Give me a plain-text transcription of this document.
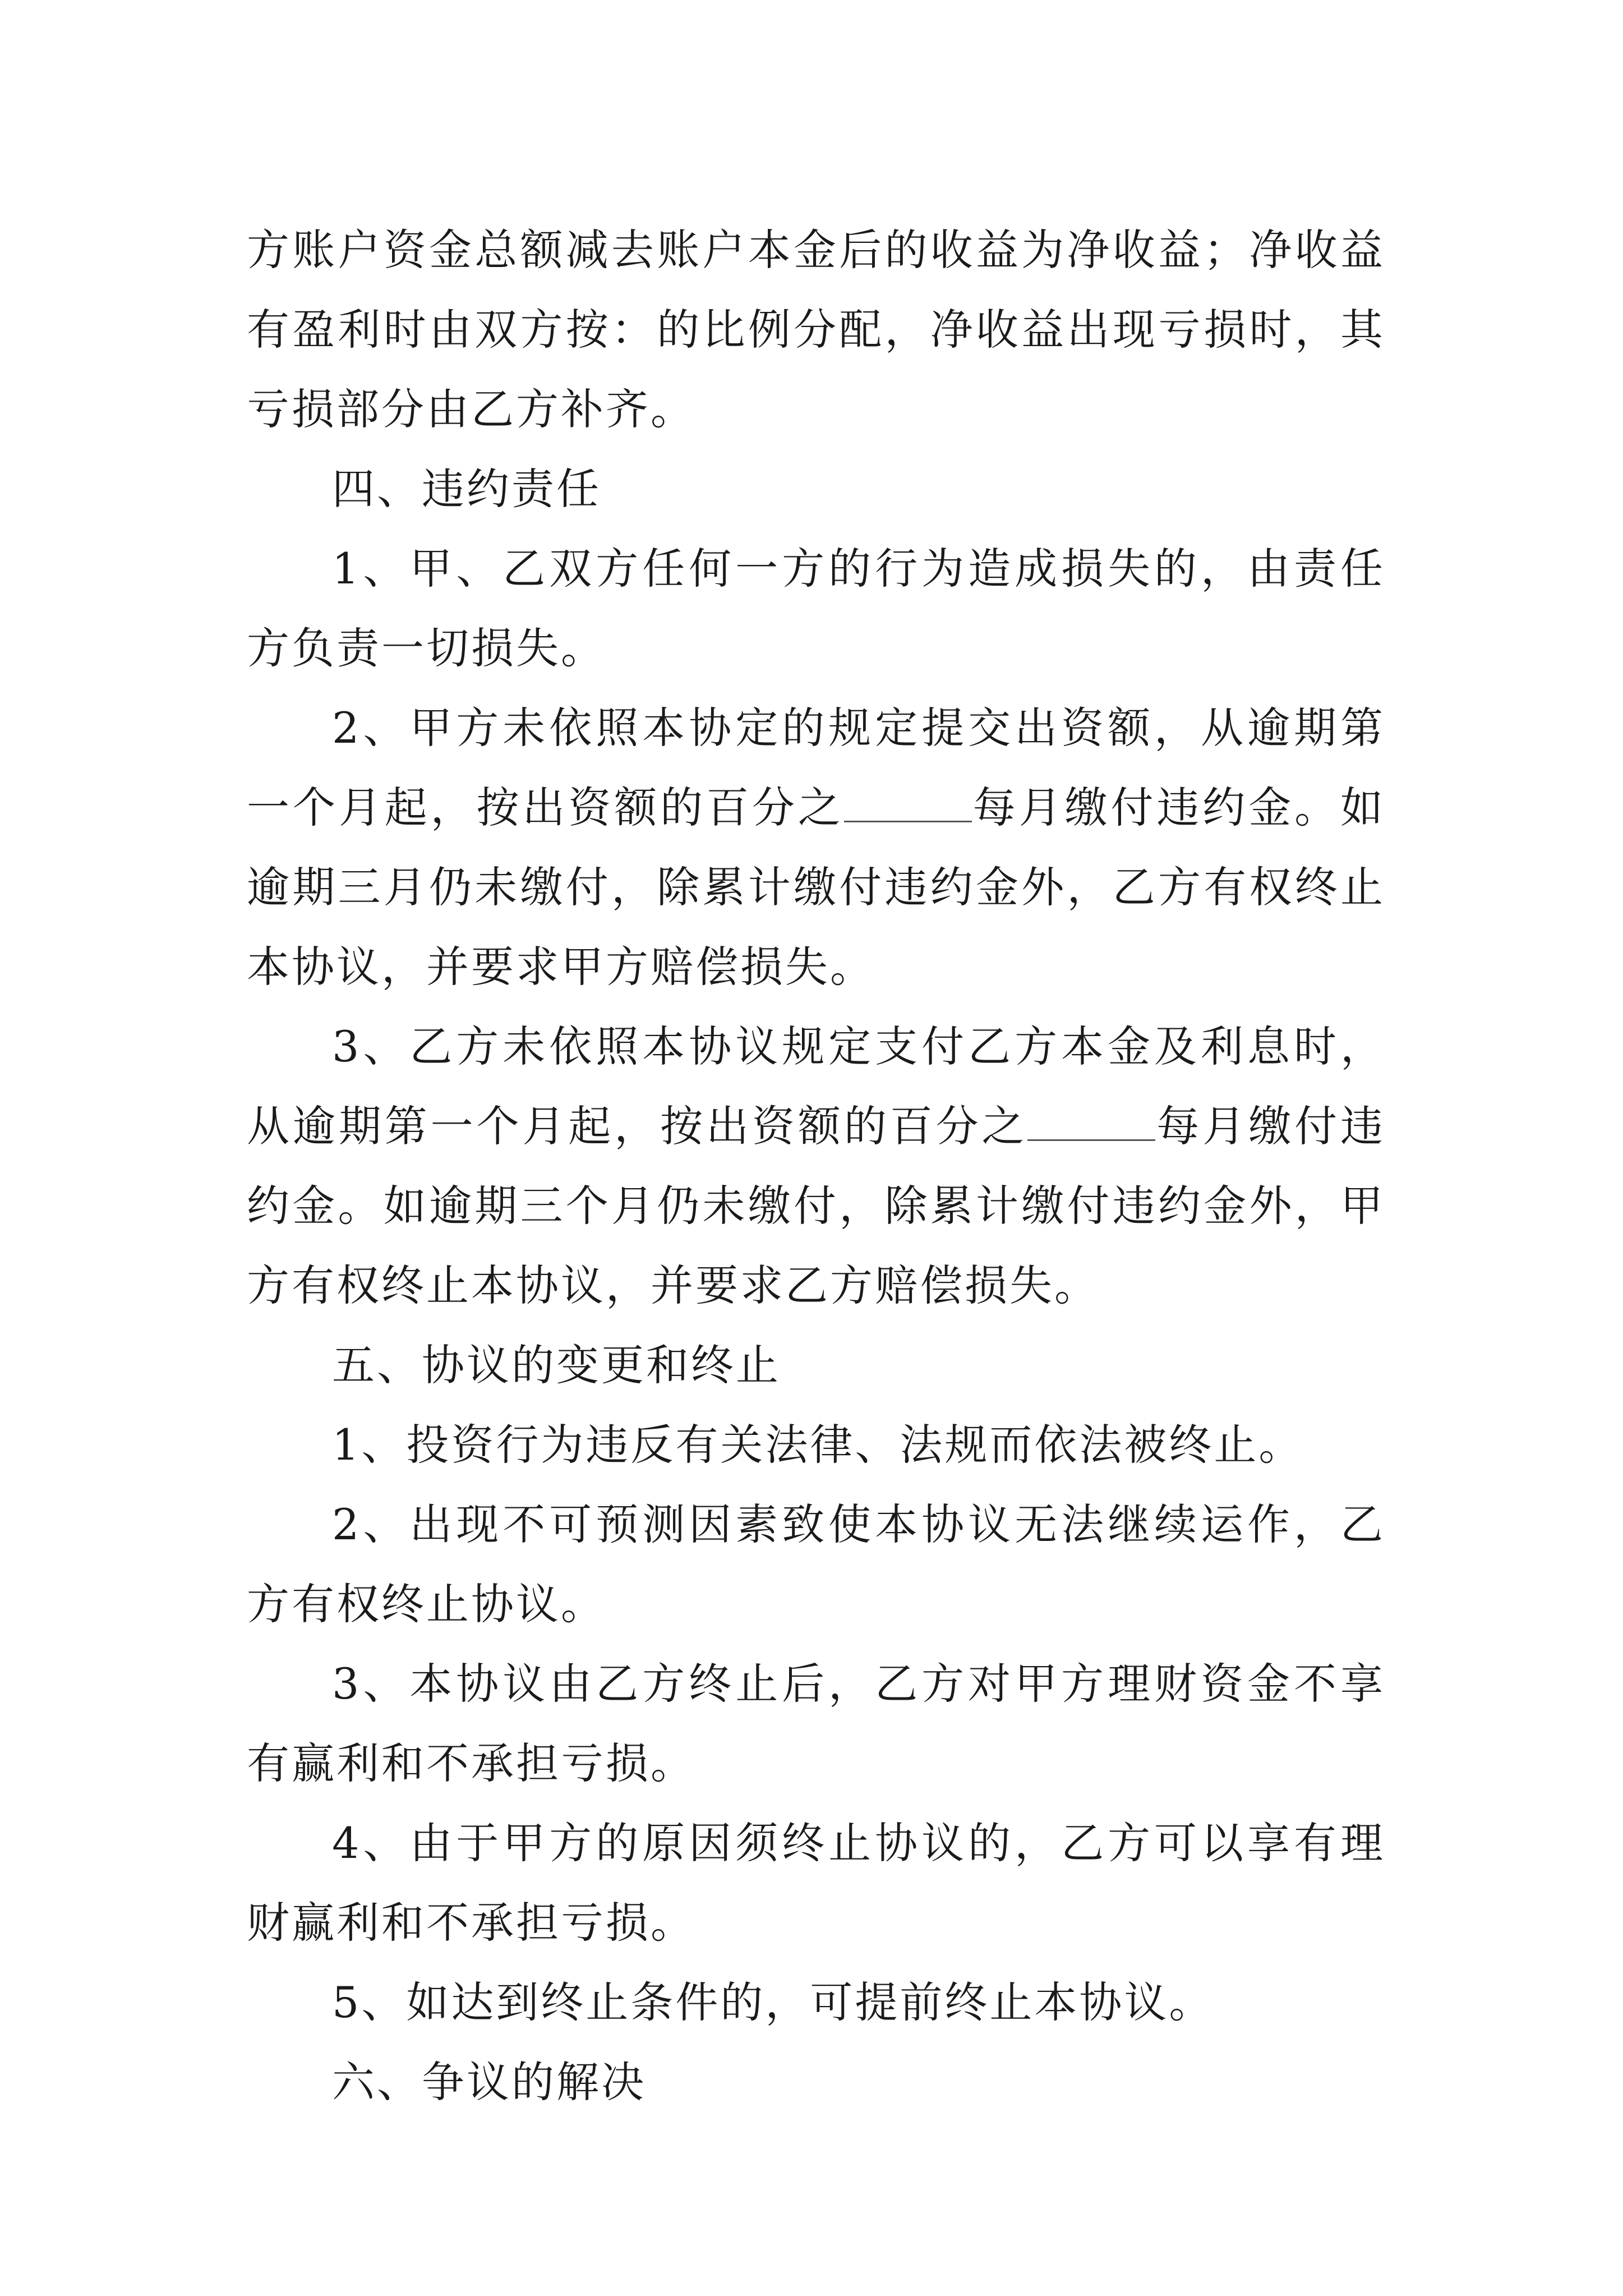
方账户资金总额减去账户本金后的收益为净收益；净收益有盈利时由双方按：的比例分配，净收益出现亏损时，其亏损部分由乙方补齐。

四、违约责任

1、甲、乙双方任何一方的行为造成损失的，由责任方负责一切损失。

2、甲方未依照本协定的规定提交出资额，从逾期第一个月起，按出资额的百分之	每月缴付违约金。如逾期三月仍未缴付，除累计缴付违约金外，乙方有权终止本协议，并要求甲方赔偿损失。

3、乙方未依照本协议规定支付乙方本金及利息时，从逾期第一个月起，按出资额的百分之	每月缴付违约金。如逾期三个月仍未缴付，除累计缴付违约金外，甲方有权终止本协议，并要求乙方赔偿损失。

五、协议的变更和终止

1、投资行为违反有关法律、法规而依法被终止。

2、出现不可预测因素致使本协议无法继续运作，乙方有权终止协议。

3、本协议由乙方终止后，乙方对甲方理财资金不享有赢利和不承担亏损。

4、由于甲方的原因须终止协议的，乙方可以享有理财赢利和不承担亏损。

5、如达到终止条件的，可提前终止本协议。

六、争议的解决
